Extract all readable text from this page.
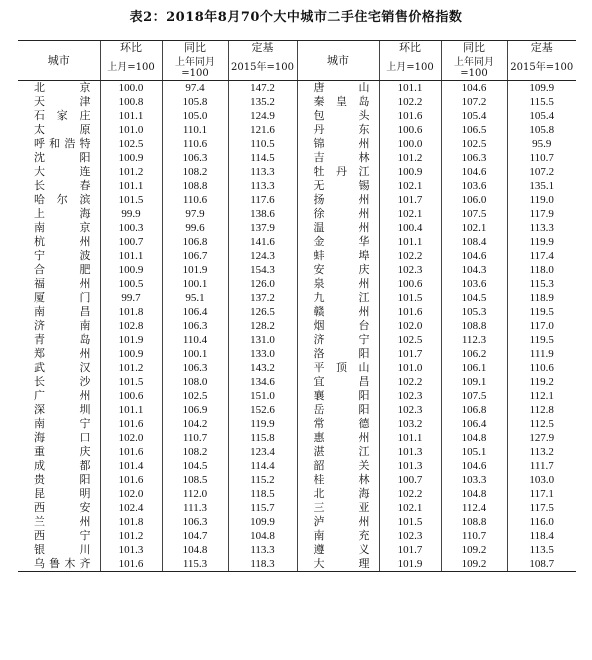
表2：2018年8月70个大中城市二手住宅销售价格指数
城市	环比	同比	定基	城市	环比	同比	定基
	上月=100	上年同月=100	2015年=100		上月=100	上年同月=100	2015年=100
北　京	100.0	97.4	147.2	唐　山	101.1	104.6	109.9
天　津	100.8	105.8	135.2	秦皇岛	102.2	107.2	115.5
石家庄	101.1	105.0	124.9	包　头	101.6	105.4	105.4
太　原	101.0	110.1	121.6	丹　东	100.6	106.5	105.8
呼和浩特	102.5	110.6	110.5	锦　州	100.0	102.5	95.9
沈　阳	100.9	106.3	114.5	吉　林	101.2	106.3	110.7
大　连	101.2	108.2	113.3	牡丹江	100.9	104.6	107.2
长　春	101.1	108.8	113.3	无　锡	102.1	103.6	135.1
哈尔滨	101.5	110.6	117.6	扬　州	101.7	106.0	119.0
上　海	99.9	97.9	138.6	徐　州	102.1	107.5	117.9
南　京	100.3	99.6	137.9	温　州	100.4	102.1	113.3
杭　州	100.7	106.8	141.6	金　华	101.1	108.4	119.9
宁　波	101.1	106.7	124.3	蚌　埠	102.2	104.6	117.4
合　肥	100.9	101.9	154.3	安　庆	102.3	104.3	118.0
福　州	100.5	100.1	126.0	泉　州	100.6	103.6	115.3
厦　门	99.7	95.1	137.2	九　江	101.5	104.5	118.9
南　昌	101.8	106.4	126.5	赣　州	101.6	105.3	119.5
济　南	102.8	106.3	128.2	烟　台	102.0	108.8	117.0
青　岛	101.9	110.4	131.0	济　宁	102.5	112.3	119.5
郑　州	100.9	100.1	133.0	洛　阳	101.7	106.2	111.9
武　汉	101.2	106.3	143.2	平顶山	101.0	106.1	110.6
长　沙	101.5	108.0	134.6	宜　昌	102.2	109.1	119.2
广　州	100.6	102.5	151.0	襄　阳	102.3	107.5	112.1
深　圳	101.1	106.9	152.6	岳　阳	102.3	106.8	112.8
南　宁	101.6	104.2	119.9	常　德	103.2	106.4	112.5
海　口	102.0	110.7	115.8	惠　州	101.1	104.8	127.9
重　庆	101.6	108.2	123.4	湛　江	101.3	105.1	113.2
成　都	101.4	104.5	114.4	韶　关	101.3	104.6	111.7
贵　阳	101.6	108.5	115.2	桂　林	100.7	103.3	103.0
昆　明	102.0	112.0	118.5	北　海	102.2	104.8	117.1
西　安	102.4	111.3	115.7	三　亚	102.1	112.4	117.5
兰　州	101.8	106.3	109.9	泸　州	101.5	108.8	116.0
西　宁	101.2	104.7	104.8	南　充	102.3	110.7	118.4
银　川	101.3	104.8	113.3	遵　义	101.7	109.2	113.5
乌鲁木齐	101.6	115.3	118.3	大　理	101.9	109.2	108.7
